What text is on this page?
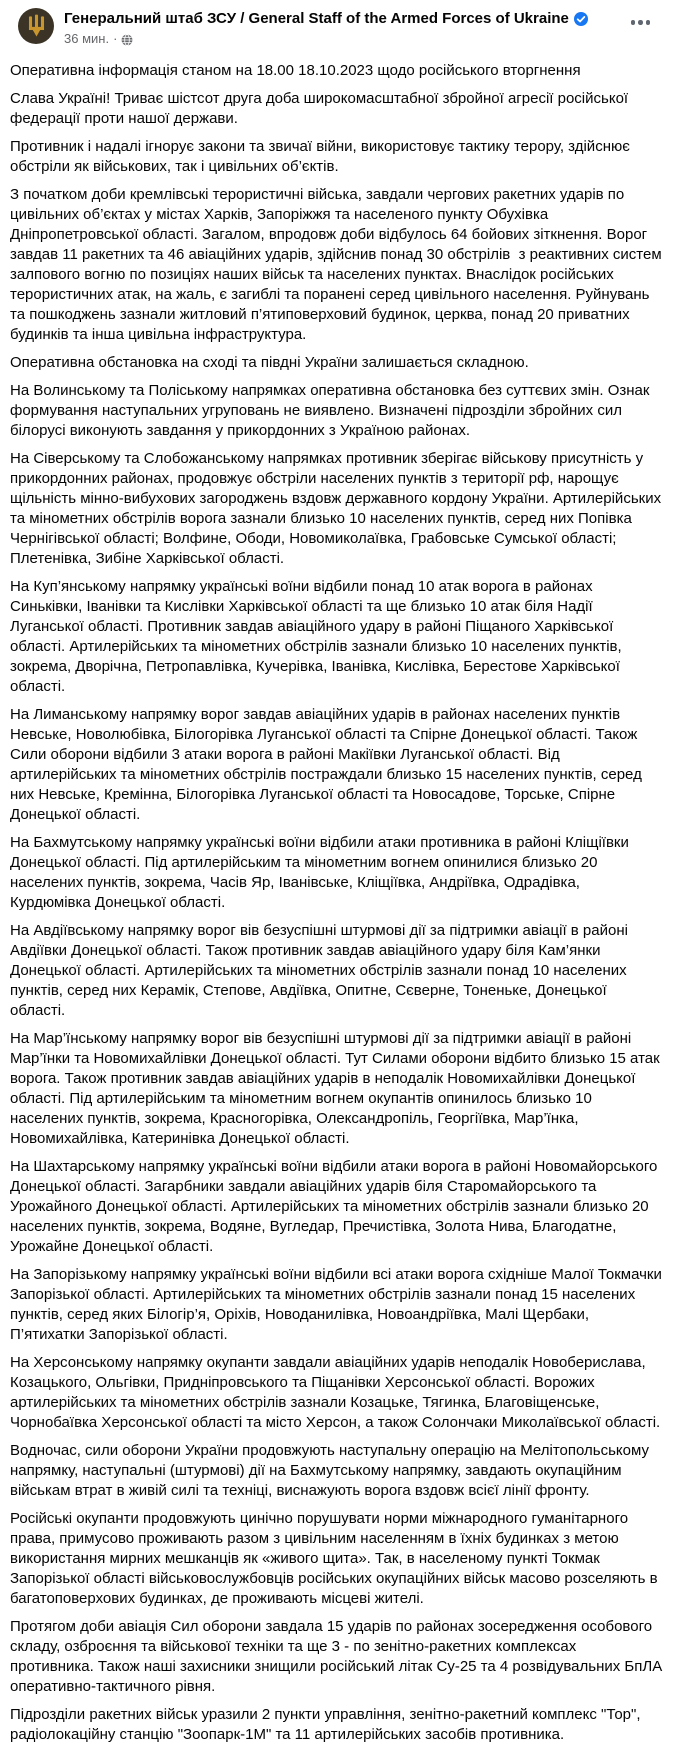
Генеральний штаб ЗСУ / General Staff of the Armed Forces of Ukraine
36 мин. ·

Оперативна інформація станом на 18.00 18.10.2023 щодо російського вторгнення

Слава Україні! Триває шістсот друга доба широкомасштабної збройної агресії російської федерації проти нашої держави.

Противник і надалі ігнорує закони та звичаї війни, використовує тактику терору, здійснює обстріли як військових, так і цивільних об’єктів.

З початком доби кремлівські терористичні війська, завдали чергових ракетних ударів по цивільних об’єктах у містах Харків, Запоріжжя та населеного пункту Обухівка Дніпропетровської області. Загалом, впродовж доби відбулось 64 бойових зіткнення. Ворог завдав 11 ракетних та 46 авіаційних ударів, здійснив понад 30 обстрілів  з реактивних систем залпового вогню по позиціях наших військ та населених пунктах. Внаслідок російських терористичних атак, на жаль, є загиблі та поранені серед цивільного населення. Руйнувань та пошкоджень зазнали житловий п’ятиповерховий будинок, церква, понад 20 приватних будинків та інша цивільна інфраструктура.

Оперативна обстановка на сході та півдні України залишається складною.

На Волинському та Поліському напрямках оперативна обстановка без суттєвих змін. Ознак формування наступальних угруповань не виявлено. Визначені підрозділи збройних сил білорусі виконують завдання у прикордонних з Україною районах.

На Сіверському та Слобожанському напрямках противник зберігає військову присутність у прикордонних районах, продовжує обстріли населених пунктів з території рф, нарощує щільність мінно-вибухових загороджень вздовж державного кордону України. Артилерійських та мінометних обстрілів ворога зазнали близько 10 населених пунктів, серед них Попівка Чернігівської області; Волфине, Ободи, Новомиколаївка, Грабовське Сумської області; Плетенівка, Зибіне Харківської області.

На Куп’янському напрямку українські воїни відбили понад 10 атак ворога в районах Синьківки, Іванівки та Кислівки Харківської області та ще близько 10 атак біля Надії Луганської області. Противник завдав авіаційного удару в районі Піщаного Харківської області. Артилерійських та мінометних обстрілів зазнали близько 10 населених пунктів, зокрема, Дворічна, Петропавлівка, Кучерівка, Іванівка, Кислівка, Берестове Харківської області.

На Лиманському напрямку ворог завдав авіаційних ударів в районах населених пунктів Невське, Новолюбівка, Білогорівка Луганської області та Спірне Донецької області. Також Сили оборони відбили 3 атаки ворога в районі Макіївки Луганської області. Від артилерійських та мінометних обстрілів постраждали близько 15 населених пунктів, серед них Невське, Кремінна, Білогорівка Луганської області та Новосадове, Торське, Спірне Донецької області.

На Бахмутському напрямку українські воїни відбили атаки противника в районі Кліщіївки Донецької області. Під артилерійським та мінометним вогнем опинилися близько 20 населених пунктів, зокрема, Часів Яр, Іванівське, Кліщіївка, Андріївка, Одрадівка, Курдюмівка Донецької області.

На Авдіївському напрямку ворог вів безуспішні штурмові дії за підтримки авіації в районі Авдіївки Донецької області. Також противник завдав авіаційного удару біля Кам’янки Донецької області. Артилерійських та мінометних обстрілів зазнали понад 10 населених пунктів, серед них Керамік, Степове, Авдіївка, Опитне, Сєверне, Тоненьке, Донецької області.

На Мар’їнському напрямку ворог вів безуспішні штурмові дії за підтримки авіації в районі Мар’їнки та Новомихайлівки Донецької області. Тут Силами оборони відбито близько 15 атак ворога. Також противник завдав авіаційних ударів в неподалік Новомихайлівки Донецької області. Під артилерійським та мінометним вогнем окупантів опинилось близько 10 населених пунктів, зокрема, Красногорівка, Олександропіль, Георгіївка, Мар’їнка, Новомихайлівка, Катеринівка Донецької області.

На Шахтарському напрямку українські воїни відбили атаки ворога в районі Новомайорського Донецької області. Загарбники завдали авіаційних ударів біля Старомайорського та Урожайного Донецької області. Артилерійських та мінометних обстрілів зазнали близько 20 населених пунктів, зокрема, Водяне, Вугледар, Пречистівка, Золота Нива, Благодатне, Урожайне Донецької області.

На Запорізькому напрямку українські воїни відбили всі атаки ворога східніше Малої Токмачки Запорізької області. Артилерійських та мінометних обстрілів зазнали понад 15 населених пунктів, серед яких Білогір’я, Оріхів, Новоданилівка, Новоандріївка, Малі Щербаки, П’ятихатки Запорізької області.

На Херсонському напрямку окупанти завдали авіаційних ударів неподалік Новоберислава, Козацького, Ольгівки, Придніпровського та Піщанівки Херсонської області. Ворожих артилерійських та мінометних обстрілів зазнали Козацьке, Тягинка, Благовіщенське, Чорнобаївка Херсонської області та місто Херсон, а також Солончаки Миколаївської області.

Водночас, сили оборони України продовжують наступальну операцію на Мелітопольському напрямку, наступальні (штурмові) дії на Бахмутському напрямку, завдають окупаційним військам втрат в живій силі та техніці, виснажують ворога вздовж всієї лінії фронту.

Російські окупанти продовжують цинічно порушувати норми міжнародного гуманітарного права, примусово проживають разом з цивільним населенням в їхніх будинках з метою використання мирних мешканців як «живого щита». Так, в населеному пункті Токмак Запорізької області військовослужбовців російських окупаційних військ масово розселяють в багатоповерхових будинках, де проживають місцеві жителі.

Протягом доби авіація Сил оборони завдала 15 ударів по районах зосередження особового складу, озброєння та військової техніки та ще 3 - по зенітно-ракетних комплексах противника. Також наші захисники знищили російський літак Су-25 та 4 розвідувальних БпЛА оперативно-тактичного рівня.

Підрозділи ракетних військ уразили 2 пункти управління, зенітно-ракетний комплекс "Тор", радіолокаційну станцію "Зоопарк-1М" та 11 артилерійських засобів противника.
